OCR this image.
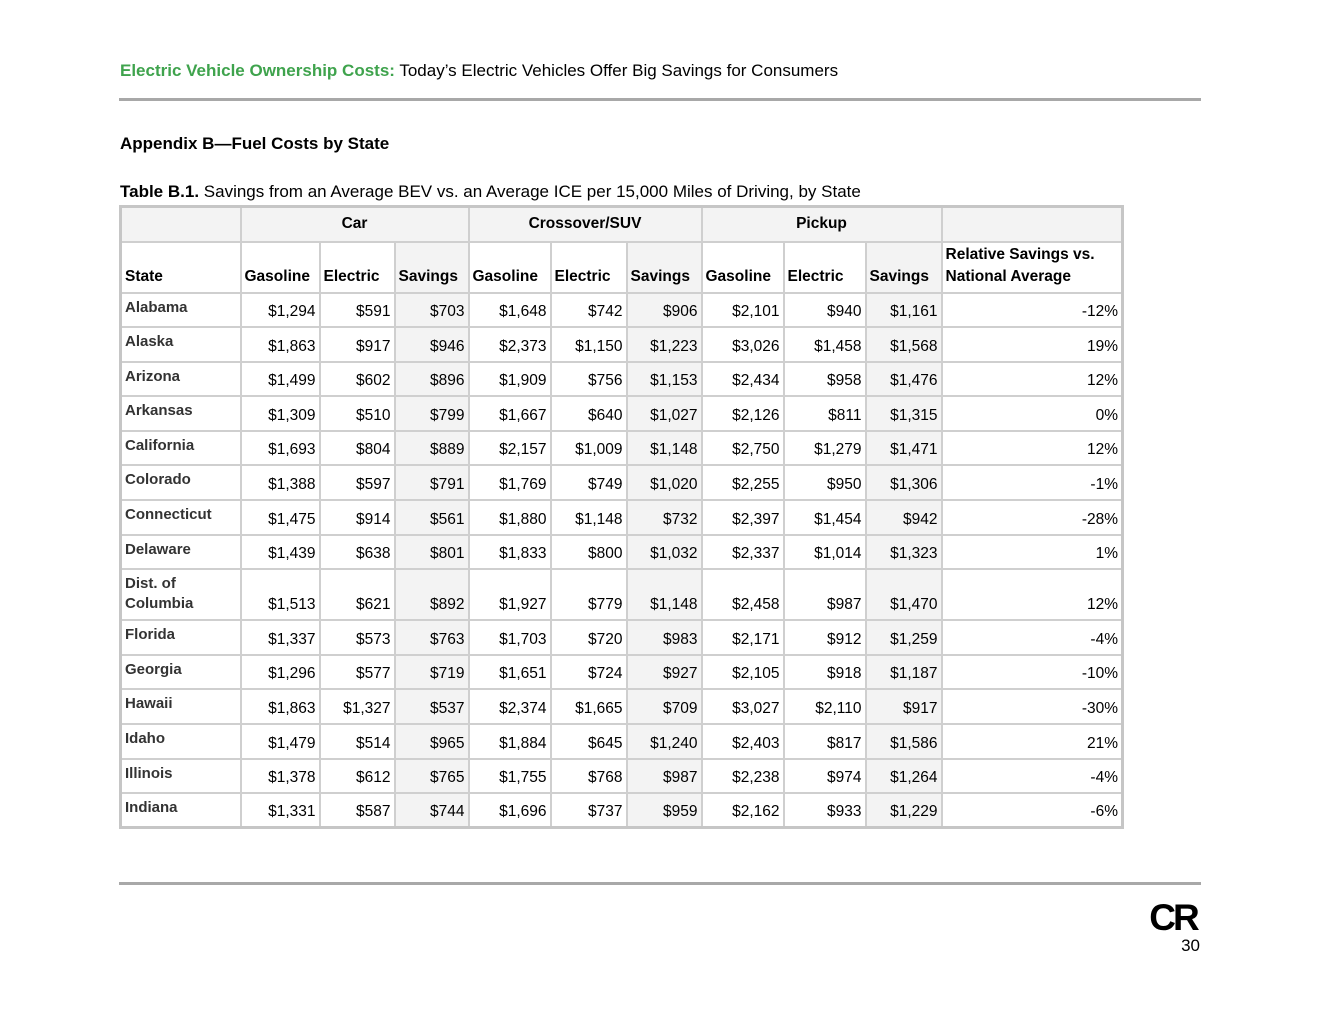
Electric Vehicle Ownership Costs: Today’s Electric Vehicles Offer Big Savings for Consumers
Appendix B—Fuel Costs by State
Table B.1. Savings from an Average BEV vs. an Average ICE per 15,000 Miles of Driving, by State
	Car			Crossover/SUV			Pickup			
State	Gasoline	Electric	Savings	Gasoline	Electric	Savings	Gasoline	Electric	Savings	Relative Savings vs. National Average
Alabama	$1,294	$591	$703	$1,648	$742	$906	$2,101	$940	$1,161	-12%
Alaska	$1,863	$917	$946	$2,373	$1,150	$1,223	$3,026	$1,458	$1,568	19%
Arizona	$1,499	$602	$896	$1,909	$756	$1,153	$2,434	$958	$1,476	12%
Arkansas	$1,309	$510	$799	$1,667	$640	$1,027	$2,126	$811	$1,315	0%
California	$1,693	$804	$889	$2,157	$1,009	$1,148	$2,750	$1,279	$1,471	12%
Colorado	$1,388	$597	$791	$1,769	$749	$1,020	$2,255	$950	$1,306	-1%
Connecticut	$1,475	$914	$561	$1,880	$1,148	$732	$2,397	$1,454	$942	-28%
Delaware	$1,439	$638	$801	$1,833	$800	$1,032	$2,337	$1,014	$1,323	1%
Dist. of Columbia	$1,513	$621	$892	$1,927	$779	$1,148	$2,458	$987	$1,470	12%
Florida	$1,337	$573	$763	$1,703	$720	$983	$2,171	$912	$1,259	-4%
Georgia	$1,296	$577	$719	$1,651	$724	$927	$2,105	$918	$1,187	-10%
Hawaii	$1,863	$1,327	$537	$2,374	$1,665	$709	$3,027	$2,110	$917	-30%
Idaho	$1,479	$514	$965	$1,884	$645	$1,240	$2,403	$817	$1,586	21%
Illinois	$1,378	$612	$765	$1,755	$768	$987	$2,238	$974	$1,264	-4%
Indiana	$1,331	$587	$744	$1,696	$737	$959	$2,162	$933	$1,229	-6%
CR
30
